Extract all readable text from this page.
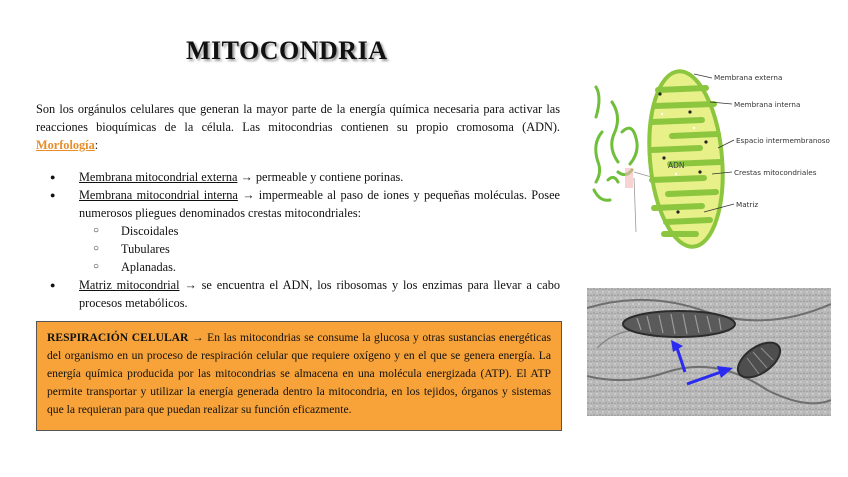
MITOCONDRIA
Son los orgánulos celulares que generan la mayor parte de la energía química necesaria para activar las reacciones bioquímicas de la célula. Las mitocondrias contienen su propio cromosoma (ADN). Morfología:
● Membrana mitocondrial externa → permeable y contiene porinas.
● Membrana mitocondrial interna → impermeable al paso de iones y pequeñas moléculas. Posee numerosos pliegues denominados crestas mitocondriales:
○ Discoidales
○ Tubulares
○ Aplanadas.
● Matriz mitocondrial → se encuentra el ADN, los ribosomas y los enzimas para llevar a cabo procesos metabólicos.
RESPIRACIÓN CELULAR → En las mitocondrias se consume la glucosa y otras sustancias energéticas del organismo en un proceso de respiración celular que requiere oxígeno y en el que se genera energía. La energía química producida por las mitocondrias se almacena en una molécula energizada (ATP). El ATP permite transportar y utilizar la energía generada dentro la mitocondria, en los tejidos, órganos y sistemas que la requieran para que puedan realizar su función eficazmente.
ADN
Membrana externa
Membrana interna
Espacio intermembranoso
Crestas mitocondriales
Matriz
